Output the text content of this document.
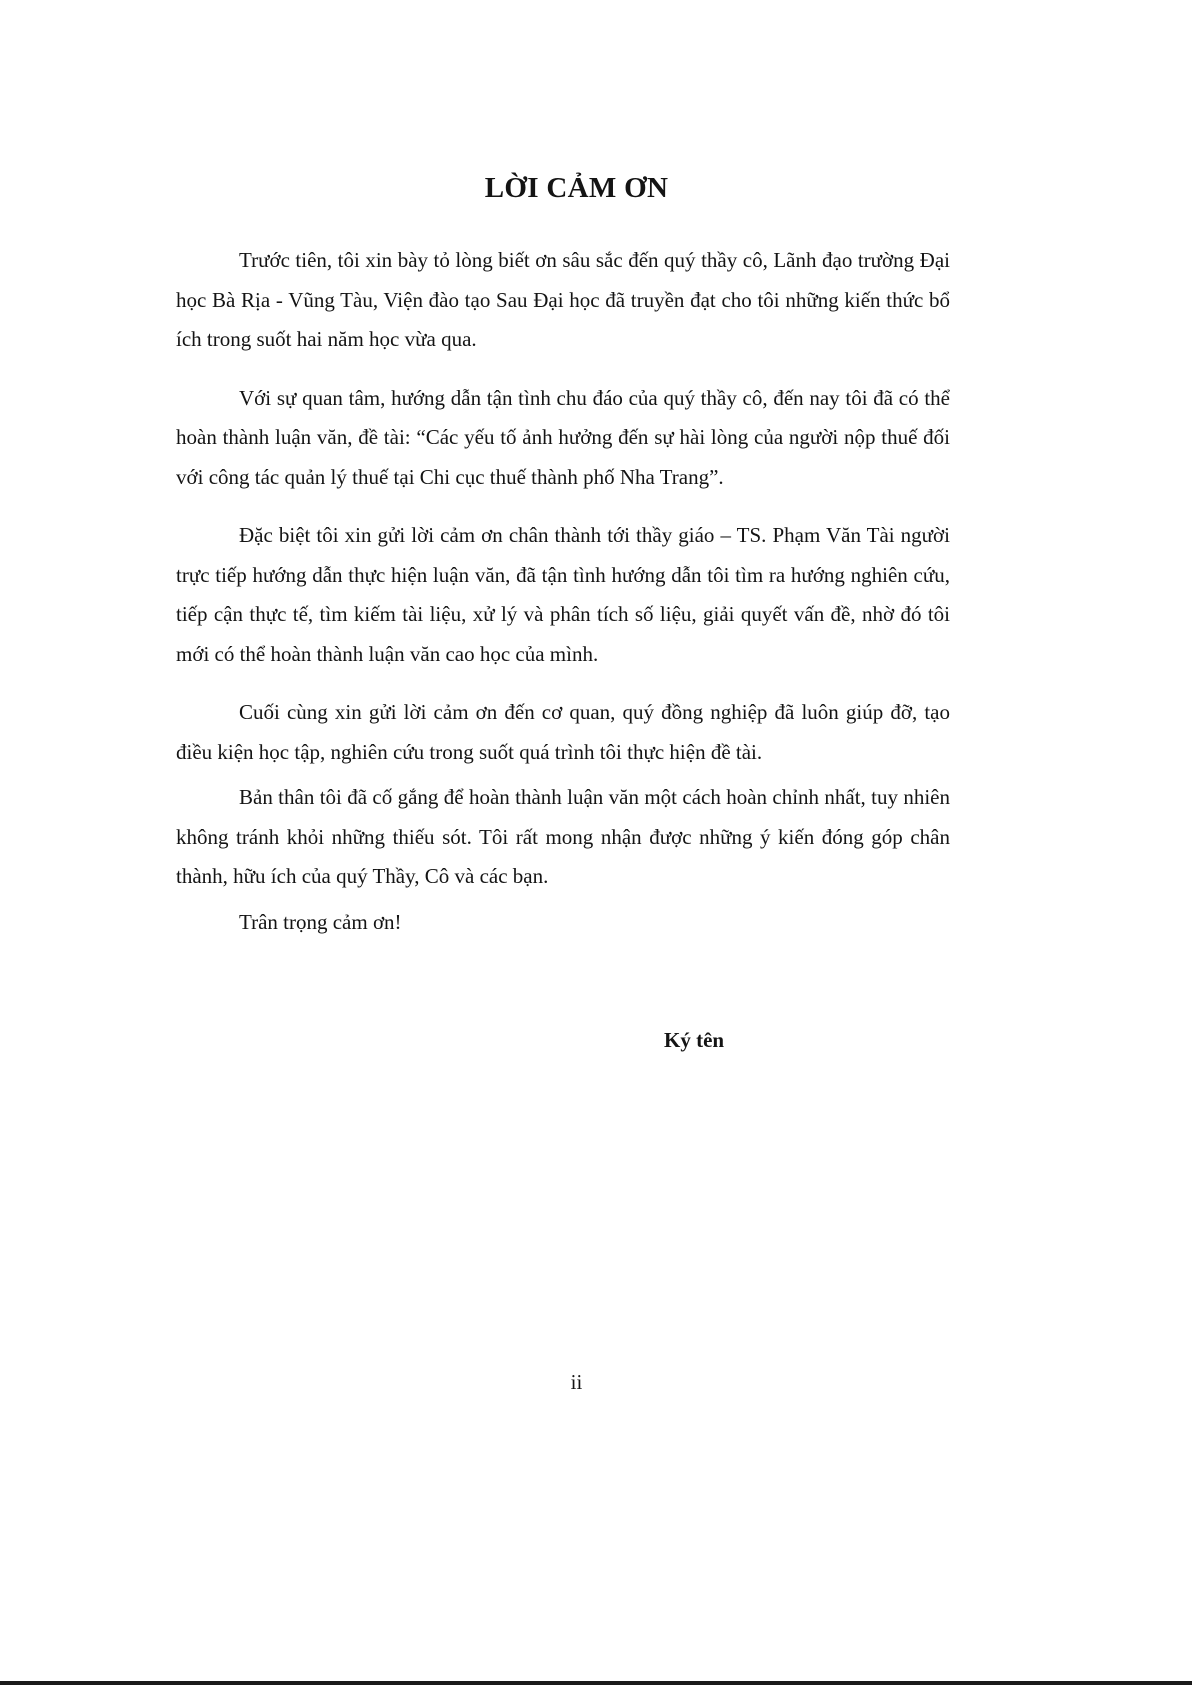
LỜI CẢM ƠN

Trước tiên, tôi xin bày tỏ lòng biết ơn sâu sắc đến quý thầy cô, Lãnh đạo trường Đại học Bà Rịa - Vũng Tàu, Viện đào tạo Sau Đại học đã truyền đạt cho tôi những kiến thức bổ ích trong suốt hai năm học vừa qua.

Với sự quan tâm, hướng dẫn tận tình chu đáo của quý thầy cô, đến nay tôi đã có thể hoàn thành luận văn, đề tài: “Các yếu tố ảnh hưởng đến sự hài lòng của người nộp thuế đối với công tác quản lý thuế tại Chi cục thuế thành phố Nha Trang”.

Đặc biệt tôi xin gửi lời cảm ơn chân thành tới thầy giáo – TS. Phạm Văn Tài người trực tiếp hướng dẫn thực hiện luận văn, đã tận tình hướng dẫn tôi tìm ra hướng nghiên cứu, tiếp cận thực tế, tìm kiếm tài liệu, xử lý và phân tích số liệu, giải quyết vấn đề, nhờ đó tôi mới có thể hoàn thành luận văn cao học của mình.

Cuối cùng xin gửi lời cảm ơn đến cơ quan, quý đồng nghiệp đã luôn giúp đỡ, tạo điều kiện học tập, nghiên cứu trong suốt quá trình tôi thực hiện đề tài.

Bản thân tôi đã cố gắng để hoàn thành luận văn một cách hoàn chỉnh nhất, tuy nhiên không tránh khỏi những thiếu sót. Tôi rất mong nhận được những ý kiến đóng góp chân thành, hữu ích của quý Thầy, Cô và các bạn.

Trân trọng cảm ơn!

Ký tên

ii
